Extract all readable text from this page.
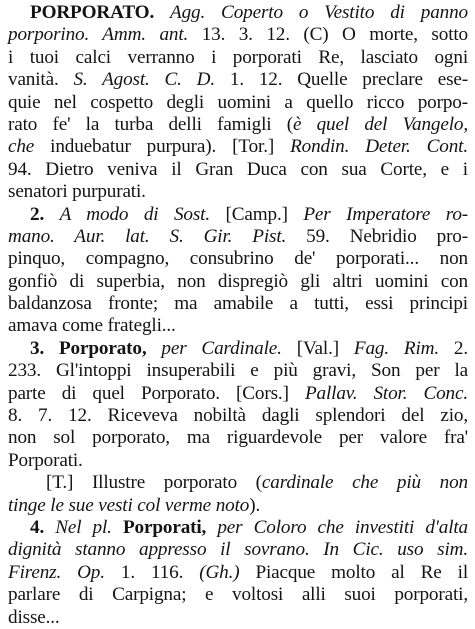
PORPORATO. Agg. Coperto o Vestito di panno
porporino. Amm. ant. 13. 3. 12. (C) O morte, sotto
i tuoi calci verranno i porporati Re, lasciato ogni
vanità. S. Agost. C. D. 1. 12. Quelle preclare ese-
quie nel cospetto degli uomini a quello ricco porpo-
rato fe' la turba delli famigli (è quel del Vangelo,
che induebatur purpura). [Tor.] Rondin. Deter. Cont.
94. Dietro veniva il Gran Duca con sua Corte, e i
senatori purpurati.
2. A modo di Sost. [Camp.] Per Imperatore ro-
mano. Aur. lat. S. Gir. Pist. 59. Nebridio pro-
pinquo, compagno, consubrino de' porporati... non
gonfiò di superbia, non dispregiò gli altri uomini con
baldanzosa fronte; ma amabile a tutti, essi principi
amava come frategli...
3. Porporato, per Cardinale. [Val.] Fag. Rim. 2.
233. Gl'intoppi insuperabili e più gravi, Son per la
parte di quel Porporato. [Cors.] Pallav. Stor. Conc.
8. 7. 12. Riceveva nobiltà dagli splendori del zio,
non sol porporato, ma riguardevole per valore fra'
Porporati.
[T.] Illustre porporato (cardinale che più non
tinge le sue vesti col verme noto).
4. Nel pl. Porporati, per Coloro che investiti d'alta
dignità stanno appresso il sovrano. In Cic. uso sim.
Firenz. Op. 1. 116. (Gh.) Piacque molto al Re il
parlare di Carpigna; e voltosi alli suoi porporati,
disse...
